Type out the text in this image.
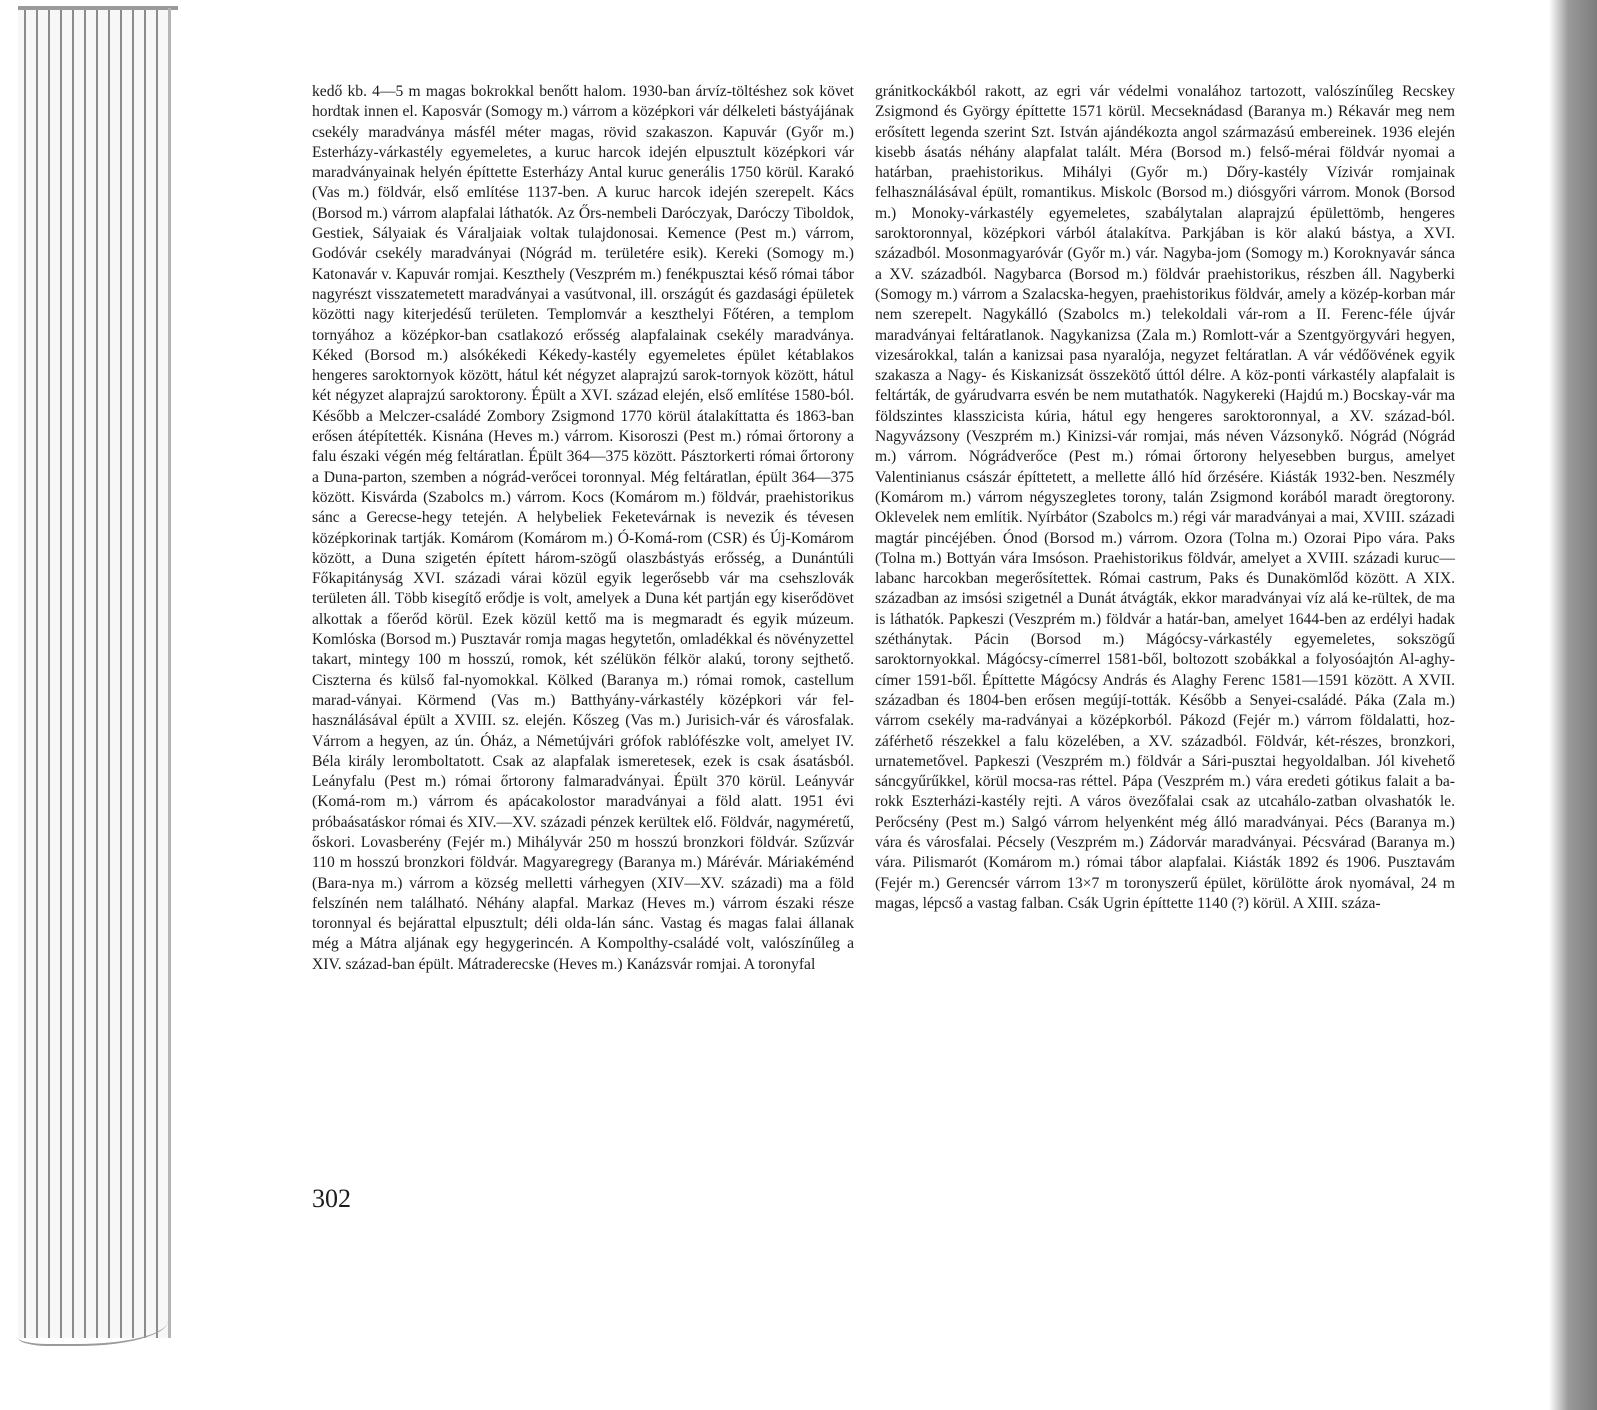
kedő kb. 4—5 m magas bokrokkal benőtt halom. 1930-ban árvíz-töltéshez sok követ hordtak innen el. Kaposvár (Somogy m.) várrom a középkori vár délkeleti bástyájának csekély maradványa másfél méter magas, rövid szakaszon. Kapuvár (Győr m.) Esterházy-várkastély egyemeletes, a kuruc harcok idején elpusztult középkori vár maradványainak helyén építtette Esterházy Antal kuruc generális 1750 körül. Karakó (Vas m.) földvár, első említése 1137-ben. A kuruc harcok idején szerepelt. Kács (Borsod m.) várrom alapfalai láthatók. Az Őrs-nembeli Daróczyak, Daróczy Tiboldok, Gestiek, Sályaiak és Váraljaiak voltak tulajdonosai. Kemence (Pest m.) várrom, Godóvár csekély maradványai (Nógrád m. területére esik). Kereki (Somogy m.) Katonavár v. Kapuvár romjai. Keszthely (Veszprém m.) fenékpusztai késő római tábor nagyrészt visszatemetett maradványai a vasútvonal, ill. országút és gazdasági épületek közötti nagy kiterjedésű területen. Templomvár a keszthelyi Főtéren, a templom tornyához a középkor-ban csatlakozó erősség alapfalainak csekély maradványa. Kéked (Borsod m.) alsókékedi Kékedy-kastély egyemeletes épület kétablakos hengeres saroktornyok között, hátul két négyzet alaprajzú sarok-tornyok között, hátul két négyzet alaprajzú saroktorony. Épült a XVI. század elején, első említése 1580-ból. Később a Melczer-családé Zombory Zsigmond 1770 körül átalakíttatta és 1863-ban erősen átépítették. Kisnána (Heves m.) várrom. Kisoroszi (Pest m.) római őrtorony a falu északi végén még feltáratlan. Épült 364—375 között. Pásztorkerti római őrtorony a Duna-parton, szemben a nógrád-verőcei toronnyal. Még feltáratlan, épült 364—375 között. Kisvárda (Szabolcs m.) várrom. Kocs (Komárom m.) földvár, praehistorikus sánc a Gerecse-hegy tetején. A helybeliek Feketevárnak is nevezik és tévesen középkorinak tartják. Komárom (Komárom m.) Ó-Komá-rom (CSR) és Új-Komárom között, a Duna szigetén épített három-szögű olaszbástyás erősség, a Dunántúli Főkapitányság XVI. századi várai közül egyik legerősebb vár ma csehszlovák területen áll. Több kisegítő erődje is volt, amelyek a Duna két partján egy kiserődövet alkottak a főerőd körül. Ezek közül kettő ma is megmaradt és egyik múzeum. Komlóska (Borsod m.) Pusztavár romja magas hegytetőn, omladékkal és növényzettel takart, mintegy 100 m hosszú, romok, két szélükön félkör alakú, torony sejthető. Ciszterna és külső fal-nyomokkal. Kölked (Baranya m.) római romok, castellum marad-ványai. Körmend (Vas m.) Batthyány-várkastély középkori vár fel-használásával épült a XVIII. sz. elején. Kőszeg (Vas m.) Jurisich-vár és városfalak. Várrom a hegyen, az ún. Óház, a Németújvári grófok rablófészke volt, amelyet IV. Béla király leromboltatott. Csak az alapfalak ismeretesek, ezek is csak ásatásból. Leányfalu (Pest m.) római őrtorony falmaradványai. Épült 370 körül. Leányvár (Komá-rom m.) várrom és apácakolostor maradványai a föld alatt. 1951 évi próbaásatáskor római és XIV.—XV. századi pénzek kerültek elő. Földvár, nagyméretű, őskori. Lovasberény (Fejér m.) Mihályvár 250 m hosszú bronzkori földvár. Szűzvár 110 m hosszú bronzkori földvár. Magyaregregy (Baranya m.) Márévár. Máriakéménd (Bara-nya m.) várrom a község melletti várhegyen (XIV—XV. századi) ma a föld felszínén nem található. Néhány alapfal. Markaz (Heves m.) várrom északi része toronnyal és bejárattal elpusztult; déli olda-lán sánc. Vastag és magas falai állanak még a Mátra aljának egy hegygerincén. A Kompolthy-családé volt, valószínűleg a XIV. század-ban épült. Mátraderecske (Heves m.) Kanázsvár romjai. A toronyfal

gránitkockákból rakott, az egri vár védelmi vonalához tartozott, valószínűleg Recskey Zsigmond és György építtette 1571 körül. Mecseknádasd (Baranya m.) Rékavár meg nem erősített legenda szerint Szt. István ajándékozta angol származású embereinek. 1936 elején kisebb ásatás néhány alapfalat talált. Méra (Borsod m.) felső-mérai földvár nyomai a határban, praehistorikus. Mihályi (Győr m.) Dőry-kastély Vízivár romjainak felhasználásával épült, romantikus. Miskolc (Borsod m.) diósgyőri várrom. Monok (Borsod m.) Monoky-várkastély egyemeletes, szabálytalan alaprajzú épülettömb, hengeres saroktoronnyal, középkori várból átalakítva. Parkjában is kör alakú bástya, a XVI. századból. Mosonmagyaróvár (Győr m.) vár. Nagyba-jom (Somogy m.) Koroknyavár sánca a XV. századból. Nagybarca (Borsod m.) földvár praehistorikus, részben áll. Nagyberki (Somogy m.) várrom a Szalacska-hegyen, praehistorikus földvár, amely a közép-korban már nem szerepelt. Nagykálló (Szabolcs m.) telekoldali vár-rom a II. Ferenc-féle újvár maradványai feltáratlanok. Nagykanizsa (Zala m.) Romlott-vár a Szentgyörgyvári hegyen, vizesárokkal, talán a kanizsai pasa nyaralója, negyzet feltáratlan. A vár védőövének egyik szakasza a Nagy- és Kiskanizsát összekötő úttól délre. A köz-ponti várkastély alapfalait is feltárták, de gyárudvarra esvén be nem mutathatók. Nagykereki (Hajdú m.) Bocskay-vár ma földszintes klasszicista kúria, hátul egy hengeres saroktoronnyal, a XV. század-ból. Nagyvázsony (Veszprém m.) Kinizsi-vár romjai, más néven Vázsonykő. Nógrád (Nógrád m.) várrom. Nógrádverőce (Pest m.) római őrtorony helyesebben burgus, amelyet Valentinianus császár építtetett, a mellette álló híd őrzésére. Kiásták 1932-ben. Neszmély (Komárom m.) várrom négyszegletes torony, talán Zsigmond korából maradt öregtorony. Oklevelek nem említik. Nyírbátor (Szabolcs m.) régi vár maradványai a mai, XVIII. századi magtár pincéjében. Ónod (Borsod m.) várrom. Ozora (Tolna m.) Ozorai Pipo vára. Paks (Tolna m.) Bottyán vára Imsóson. Praehistorikus földvár, amelyet a XVIII. századi kuruc—labanc harcokban megerősítettek. Római castrum, Paks és Dunakömlőd között. A XIX. században az imsósi szigetnél a Dunát átvágták, ekkor maradványai víz alá ke-rültek, de ma is láthatók. Papkeszi (Veszprém m.) földvár a határ-ban, amelyet 1644-ben az erdélyi hadak széthánytak. Pácin (Borsod m.) Mágócsy-várkastély egyemeletes, sokszögű saroktornyokkal. Mágócsy-címerrel 1581-ből, boltozott szobákkal a folyosóajtón Al-aghy-címer 1591-ből. Építtette Mágócsy András és Alaghy Ferenc 1581—1591 között. A XVII. században és 1804-ben erősen megújí-tották. Később a Senyei-családé. Páka (Zala m.) várrom csekély ma-radványai a középkorból. Pákozd (Fejér m.) várrom földalatti, hoz-záférhető részekkel a falu közelében, a XV. századból. Földvár, két-részes, bronzkori, urnatemetővel. Papkeszi (Veszprém m.) földvár a Sári-pusztai hegyoldalban. Jól kivehető sáncgyűrűkkel, körül mocsa-ras réttel. Pápa (Veszprém m.) vára eredeti gótikus falait a ba-rokk Eszterházi-kastély rejti. A város övezőfalai csak az utcahálo-zatban olvashatók le. Perőcsény (Pest m.) Salgó várrom helyenként még álló maradványai. Pécs (Baranya m.) vára és városfalai. Pécsely (Veszprém m.) Zádorvár maradványai. Pécsvárad (Baranya m.) vára. Pilismarót (Komárom m.) római tábor alapfalai. Kiásták 1892 és 1906. Pusztavám (Fejér m.) Gerencsér várrom 13×7 m toronyszerű épület, körülötte árok nyomával, 24 m magas, lépcső a vastag falban. Csák Ugrin építtette 1140 (?) körül. A XIII. száza-

302
